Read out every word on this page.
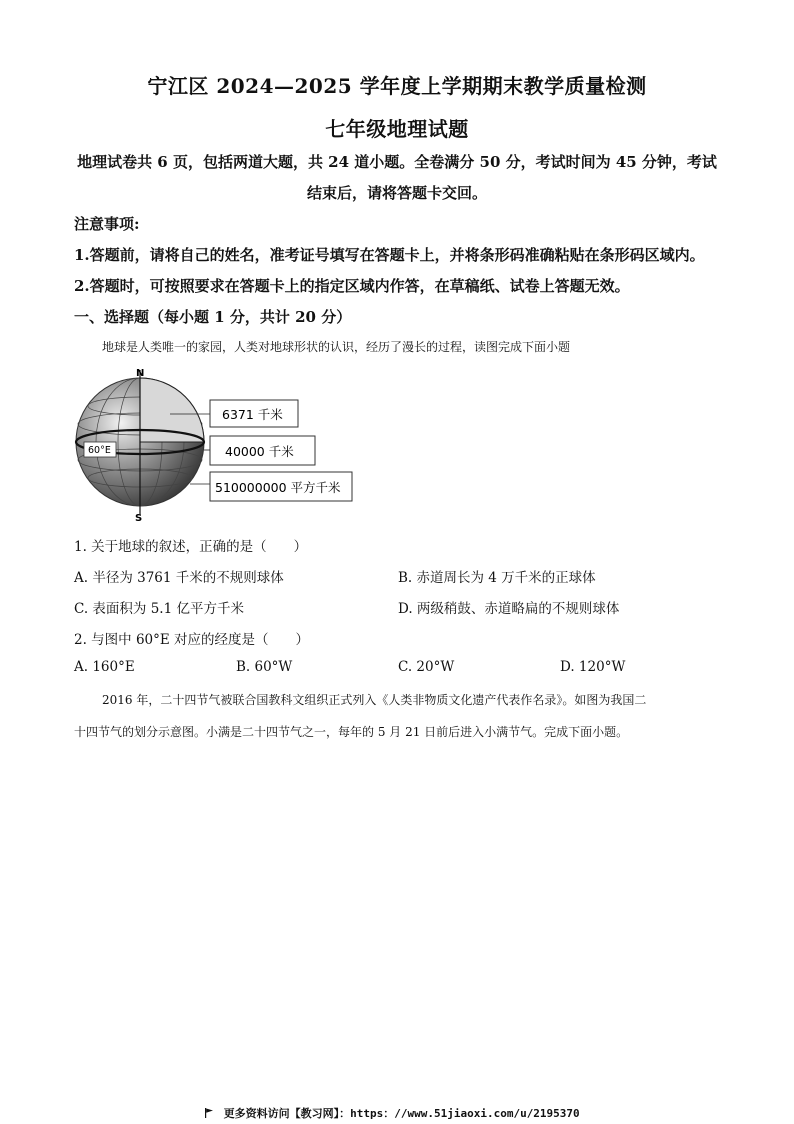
宁江区 2024—2025 学年度上学期期末教学质量检测
七年级地理试题
地理试卷共 6 页，包括两道大题，共 24 道小题。全卷满分 50 分，考试时间为 45 分钟，考试
结束后，请将答题卡交回。
注意事项:
1.答题前，请将自己的姓名，准考证号填写在答题卡上，并将条形码准确粘贴在条形码区域内。
2.答题时，可按照要求在答题卡上的指定区域内作答，在草稿纸、试卷上答题无效。
一、选择题（每小题 1 分，共计 20 分）
地球是人类唯一的家园，人类对地球形状的认识，经历了漫长的过程，读图完成下面小题
N
S
60°E
6371 千米
40000 千米
510000000 平方千米
1. 关于地球的叙述，正确的是（　　）
A. 半径为 3761 千米的不规则球体	B. 赤道周长为 4 万千米的正球体
C. 表面积为 5.1 亿平方千米	D. 两级稍鼓、赤道略扁的不规则球体
2. 与图中 60°E 对应的经度是（　　）
A. 160°E	B. 60°W	C. 20°W	D. 120°W
2016 年，二十四节气被联合国教科文组织正式列入《人类非物质文化遗产代表作名录》。如图为我国二
十四节气的划分示意图。小满是二十四节气之一，每年的 5 月 21 日前后进入小满节气。完成下面小题。
更多资料访问【教习网】：https：//www.51jiaoxi.com/u/2195370
